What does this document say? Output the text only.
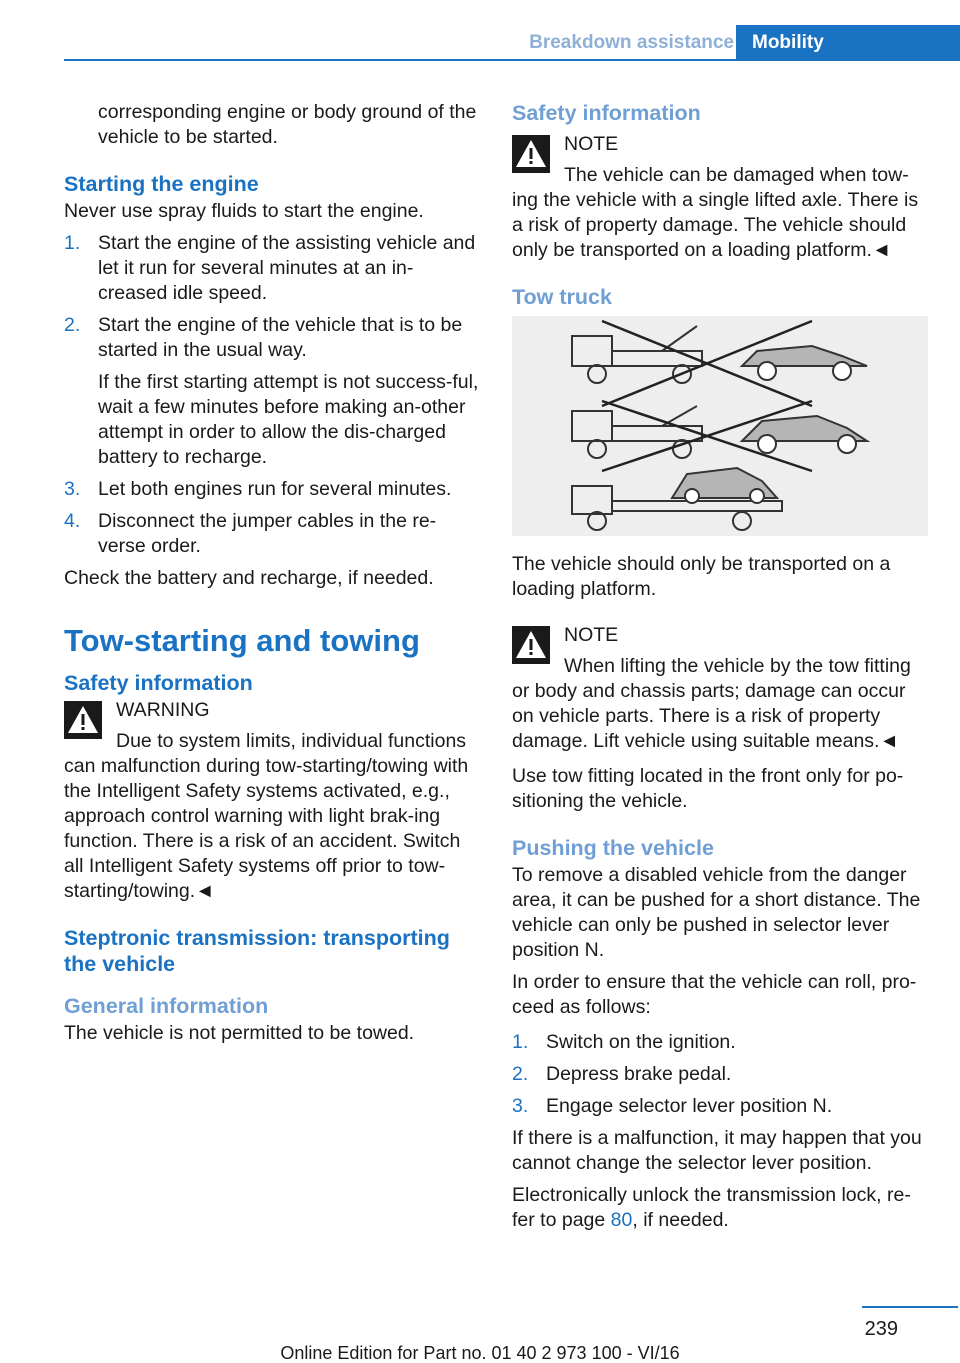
Breakdown assistance Mobility

corresponding engine or body ground of the vehicle to be started.

Starting the engine

Never use spray fluids to start the engine.

1. Start the engine of the assisting vehicle and let it run for several minutes at an in‐creased idle speed.
2. Start the engine of the vehicle that is to be started in the usual way.
If the first starting attempt is not success‐ful, wait a few minutes before making an‐other attempt in order to allow the dis‐charged battery to recharge.
3. Let both engines run for several minutes.
4. Disconnect the jumper cables in the re‐verse order.

Check the battery and recharge, if needed.

Tow-starting and towing
Safety information
WARNING

Due to system limits, individual functions can malfunction during tow-starting/towing with the Intelligent Safety systems activated, e.g., approach control warning with light brak‐ing function. There is a risk of an accident. Switch all Intelligent Safety systems off prior to tow-starting/towing.◄

Steptronic transmission: transporting the vehicle
General information

The vehicle is not permitted to be towed.

Safety information
NOTE

The vehicle can be damaged when tow‐ing the vehicle with a single lifted axle. There is a risk of property damage. The vehicle should only be transported on a loading platform.◄

Tow truck

The vehicle should only be transported on a loading platform.

NOTE

When lifting the vehicle by the tow fitting or body and chassis parts; damage can occur on vehicle parts. There is a risk of property damage. Lift vehicle using suitable means.◄

Use tow fitting located in the front only for po‐sitioning the vehicle.

Pushing the vehicle

To remove a disabled vehicle from the danger area, it can be pushed for a short distance. The vehicle can only be pushed in selector lever position N.

In order to ensure that the vehicle can roll, pro‐ceed as follows:

1. Switch on the ignition.
2. Depress brake pedal.
3. Engage selector lever position N.

If there is a malfunction, it may happen that you cannot change the selector lever position.

Electronically unlock the transmission lock, re‐fer to page 80, if needed.

239
Online Edition for Part no. 01 40 2 973 100 - VI/16
